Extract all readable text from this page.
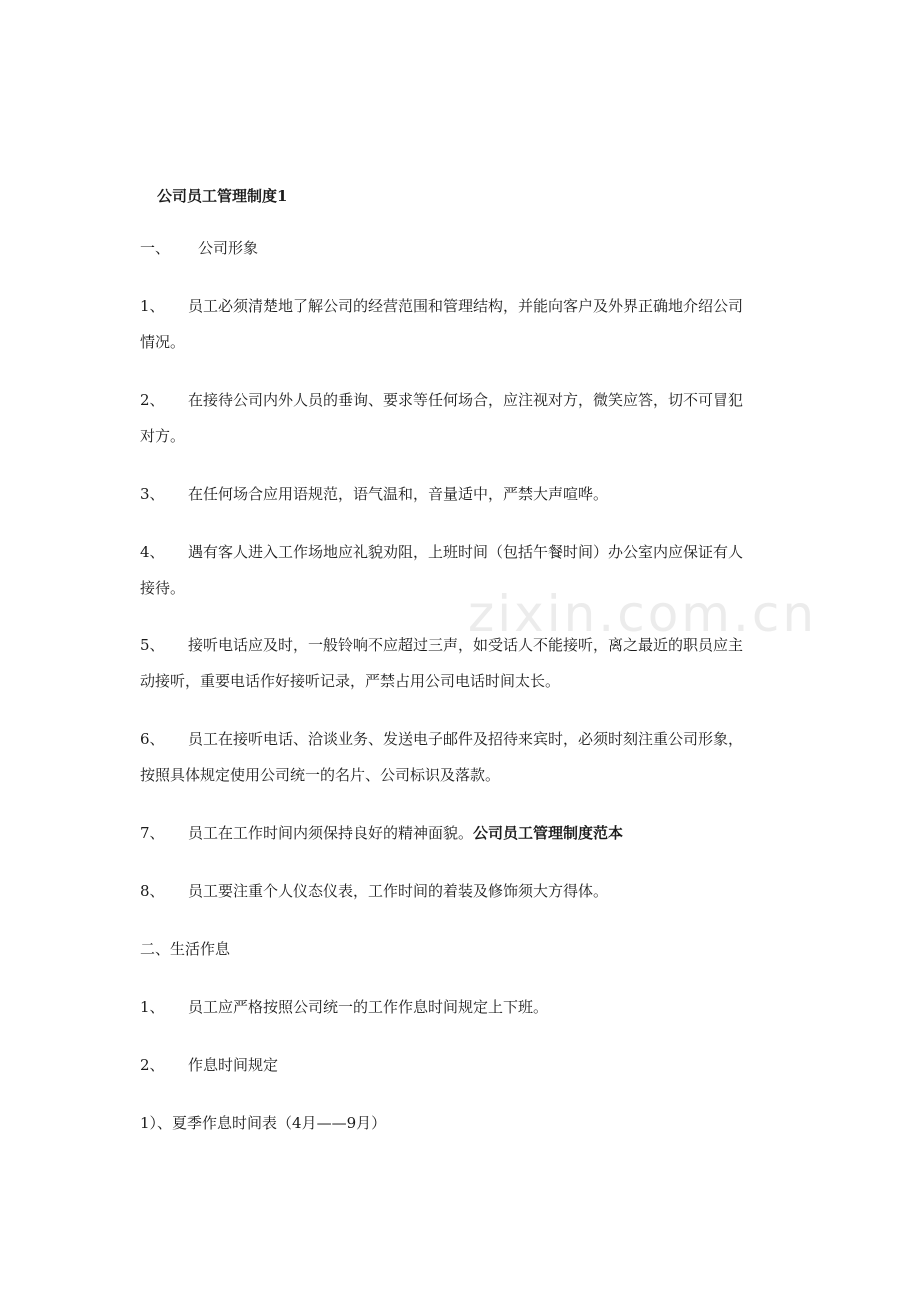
zixin.com.cn
公司员工管理制度1
一、 公司形象
1、 员工必须清楚地了解公司的经营范围和管理结构，并能向客户及外界正确地介绍公司
情况。
2、 在接待公司内外人员的垂询、要求等任何场合，应注视对方，微笑应答，切不可冒犯
对方。
3、 在任何场合应用语规范，语气温和，音量适中，严禁大声喧哗。
4、 遇有客人进入工作场地应礼貌劝阻，上班时间（包括午餐时间）办公室内应保证有人
接待。
5、 接听电话应及时，一般铃响不应超过三声，如受话人不能接听，离之最近的职员应主
动接听，重要电话作好接听记录，严禁占用公司电话时间太长。
6、 员工在接听电话、洽谈业务、发送电子邮件及招待来宾时，必须时刻注重公司形象，
按照具体规定使用公司统一的名片、公司标识及落款。
7、 员工在工作时间内须保持良好的精神面貌。公司员工管理制度范本
8、 员工要注重个人仪态仪表，工作时间的着装及修饰须大方得体。
二、生活作息
1、 员工应严格按照公司统一的工作作息时间规定上下班。
2、 作息时间规定
1）、夏季作息时间表（4月——9月）
